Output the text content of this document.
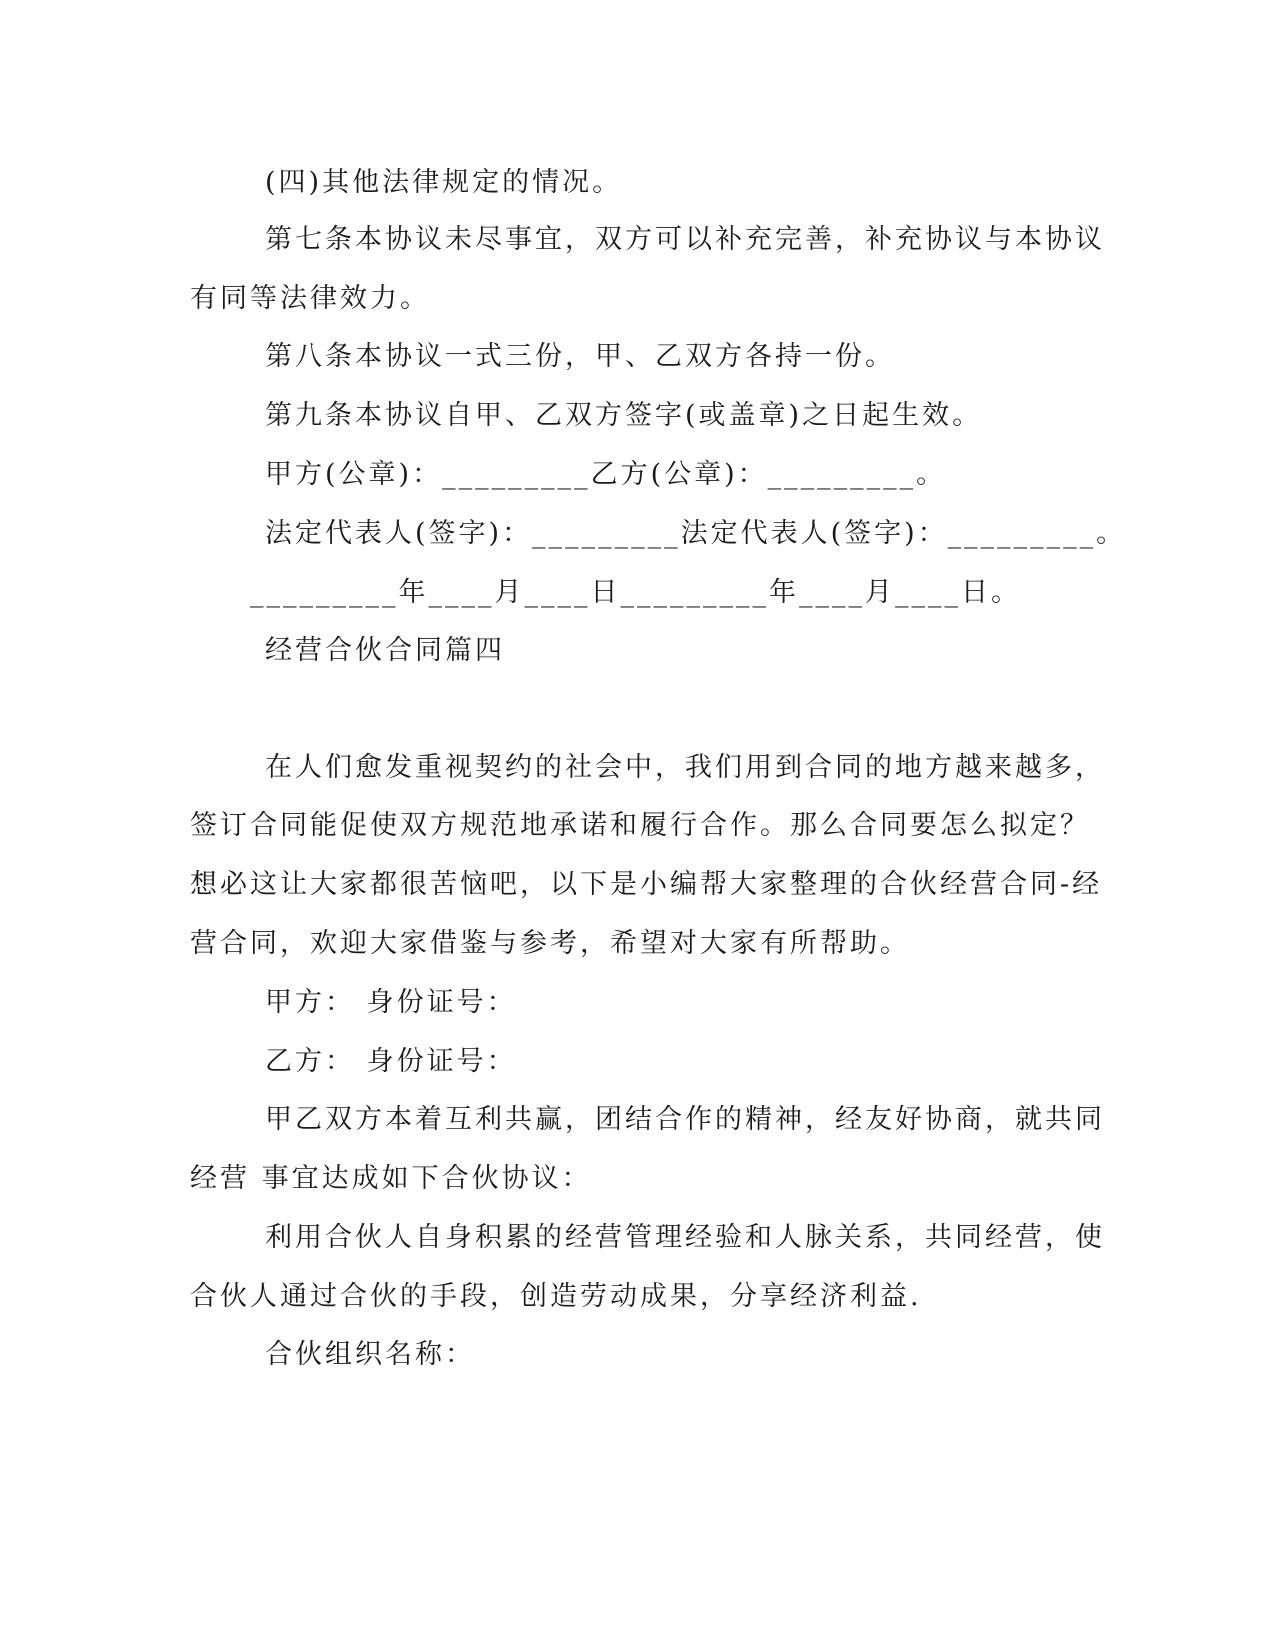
(四)其他法律规定的情况。
第七条本协议未尽事宜，双方可以补充完善，补充协议与本协议
有同等法律效力。
第八条本协议一式三份，甲、乙双方各持一份。
第九条本协议自甲、乙双方签字(或盖章)之日起生效。
甲方(公章)：_________乙方(公章)：_________。
法定代表人(签字)：_________法定代表人(签字)：_________。
_________年____月____日_________年____月____日。
经营合伙合同篇四
在人们愈发重视契约的社会中，我们用到合同的地方越来越多，
签订合同能促使双方规范地承诺和履行合作。那么合同要怎么拟定？
想必这让大家都很苦恼吧，以下是小编帮大家整理的合伙经营合同-经
营合同，欢迎大家借鉴与参考，希望对大家有所帮助。
甲方： 身份证号：
乙方： 身份证号：
甲乙双方本着互利共赢，团结合作的精神，经友好协商，就共同
经营 事宜达成如下合伙协议：
利用合伙人自身积累的经营管理经验和人脉关系，共同经营，使
合伙人通过合伙的手段，创造劳动成果，分享经济利益.
合伙组织名称：
